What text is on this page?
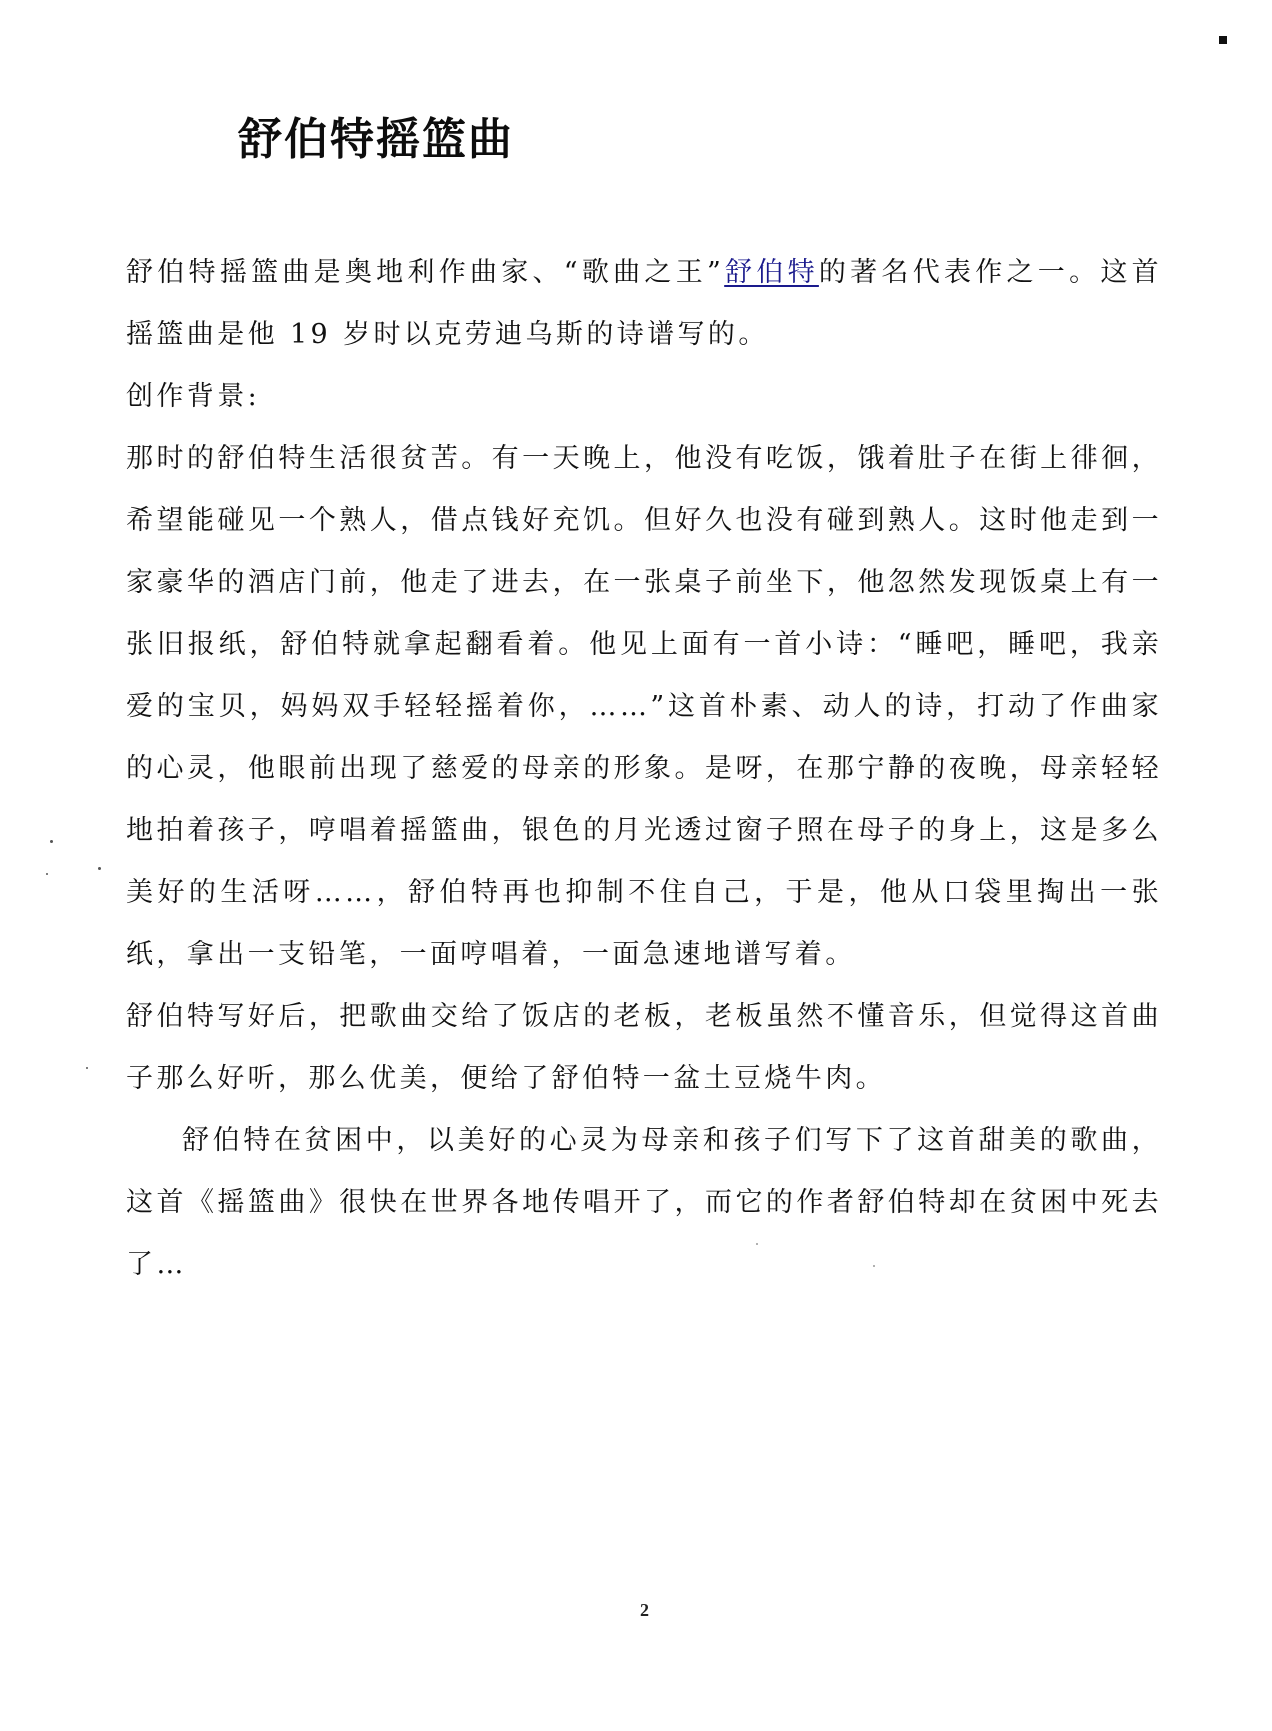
舒伯特摇篮曲

舒伯特摇篮曲是奥地利作曲家、“歌曲之王”舒伯特的著名代表作之一。这首摇篮曲是他 19 岁时以克劳迪乌斯的诗谱写的。

创作背景:

那时的舒伯特生活很贫苦。有一天晚上，他没有吃饭，饿着肚子在街上徘徊，希望能碰见一个熟人，借点钱好充饥。但好久也没有碰到熟人。这时他走到一家豪华的酒店门前，他走了进去，在一张桌子前坐下，他忽然发现饭桌上有一张旧报纸，舒伯特就拿起翻看着。他见上面有一首小诗：“睡吧，睡吧，我亲爱的宝贝，妈妈双手轻轻摇着你，……”这首朴素、动人的诗，打动了作曲家的心灵，他眼前出现了慈爱的母亲的形象。是呀，在那宁静的夜晚，母亲轻轻地拍着孩子，哼唱着摇篮曲，银色的月光透过窗子照在母子的身上，这是多么美好的生活呀……，舒伯特再也抑制不住自己，于是，他从口袋里掏出一张纸，拿出一支铅笔，一面哼唱着，一面急速地谱写着。

舒伯特写好后，把歌曲交给了饭店的老板，老板虽然不懂音乐，但觉得这首曲子那么好听，那么优美，便给了舒伯特一盆土豆烧牛肉。

舒伯特在贫困中，以美好的心灵为母亲和孩子们写下了这首甜美的歌曲，这首《摇篮曲》很快在世界各地传唱开了，而它的作者舒伯特却在贫困中死去了…

2
